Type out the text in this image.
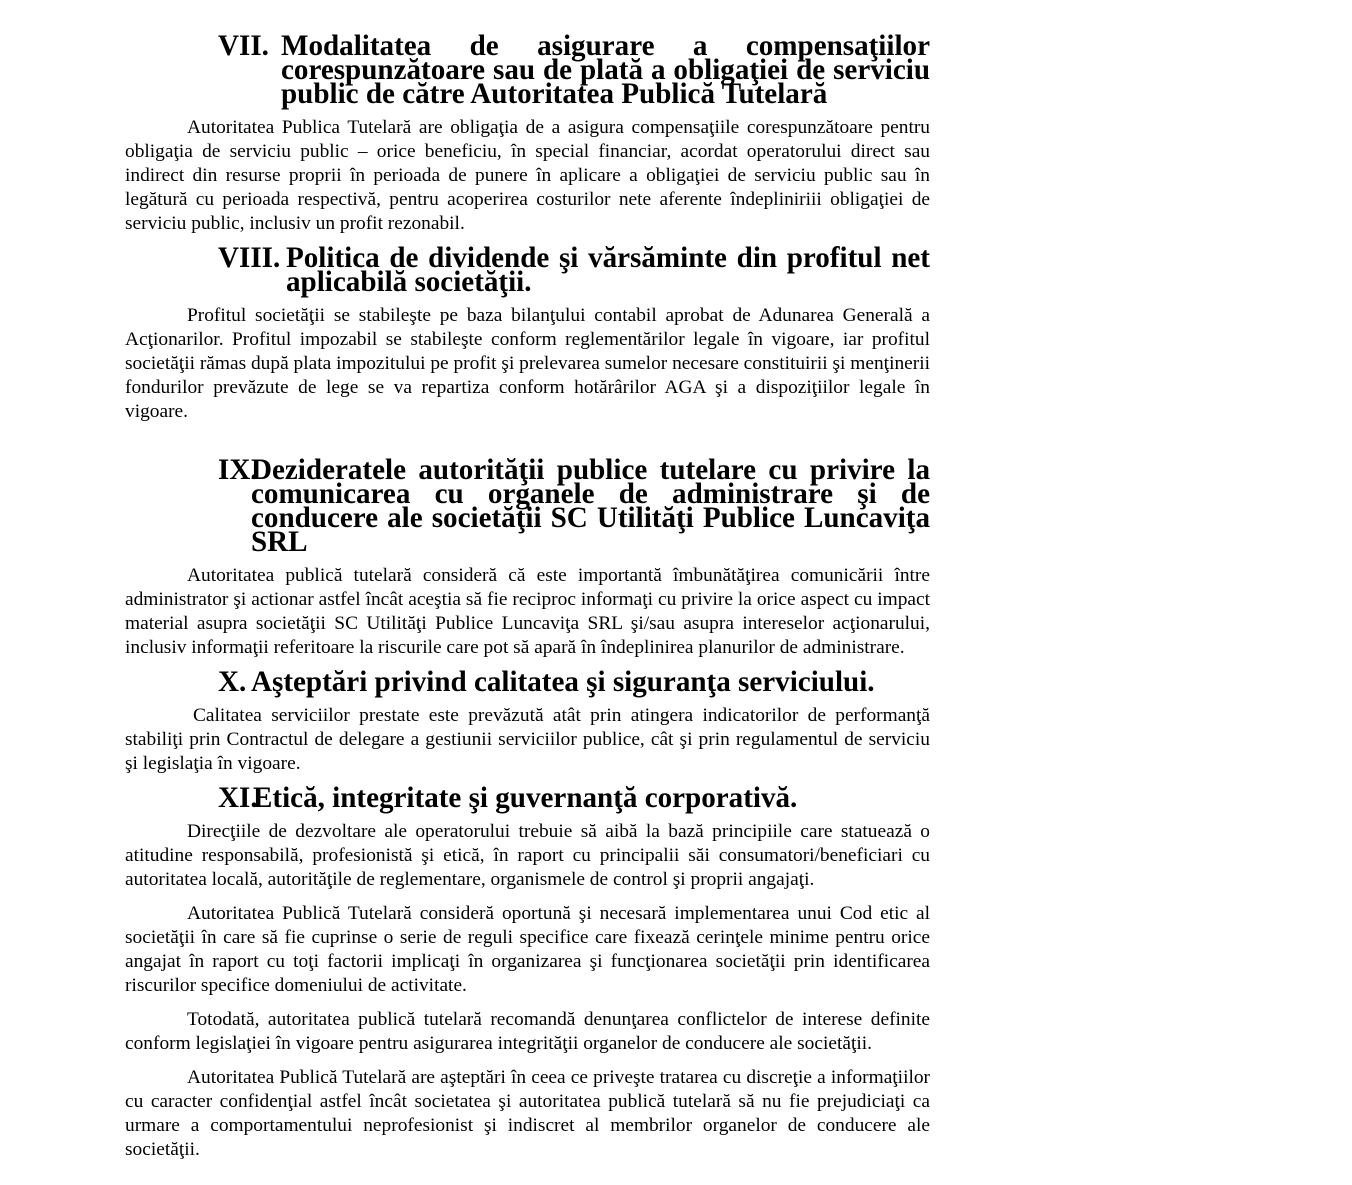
VII. Modalitatea de asigurare a compensaţiilor corespunzătoare sau de plată a obligaţiei de serviciu public de către Autoritatea Publică Tutelară

Autoritatea Publica Tutelară are obligaţia de a asigura compensaţiile corespunzătoare pentru obligaţia de serviciu public – orice beneficiu, în special financiar, acordat operatorului direct sau indirect din resurse proprii în perioada de punere în aplicare a obligaţiei de serviciu public sau în legătură cu perioada respectivă, pentru acoperirea costurilor nete aferente îndepliniriii obligaţiei de serviciu public, inclusiv un profit rezonabil.

VIII. Politica de dividende şi vărsăminte din profitul net aplicabilă societăţii.

Profitul societăţii se stabileşte pe baza bilanţului contabil aprobat de Adunarea Generală a Acţionarilor. Profitul impozabil se stabileşte conform reglementărilor legale în vigoare, iar profitul societăţii rămas după plata impozitului pe profit şi prelevarea sumelor necesare constituirii şi menţinerii fondurilor prevăzute de lege se va repartiza conform hotărârilor AGA şi a dispoziţiilor legale în vigoare.

IX.
Dezideratele autorităţii publice tutelare cu privire la comunicarea cu organele de administrare şi de conducere ale societăţii SC Utilităţi Publice Luncaviţa SRL

Autoritatea publică tutelară consideră că este importantă îmbunătăţirea comunicării între administrator şi actionar astfel încât aceştia să fie reciproc informaţi cu privire la orice aspect cu impact material asupra societăţii SC Utilităţi Publice Luncaviţa SRL şi/sau asupra intereselor acţionarului, inclusiv informaţii referitoare la riscurile care pot să apară în îndeplinirea planurilor de administrare.

X. Aşteptări privind calitatea şi siguranţa serviciului.

Calitatea serviciilor prestate este prevăzută atât prin atingera indicatorilor de performanţă stabiliţi prin Contractul de delegare a gestiunii serviciilor publice, cât şi prin regulamentul de serviciu şi legislaţia în vigoare.

XI.
Etică, integritate şi guvernanţă corporativă.

Direcţiile de dezvoltare ale operatorului trebuie să aibă la bază principiile care statuează o atitudine responsabilă, profesionistă şi etică, în raport cu principalii săi consumatori/beneficiari cu autoritatea locală, autorităţile de reglementare, organismele de control şi proprii angajaţi.

Autoritatea Publică Tutelară consideră oportună şi necesară implementarea unui Cod etic al societăţii în care să fie cuprinse o serie de reguli specifice care fixează cerinţele minime pentru orice angajat în raport cu toţi factorii implicaţi în organizarea şi funcţionarea societăţii prin identificarea riscurilor specifice domeniului de activitate.

Totodată, autoritatea publică tutelară recomandă denunţarea conflictelor de interese definite conform legislaţiei în vigoare pentru asigurarea integrităţii organelor de conducere ale societăţii.

Autoritatea Publică Tutelară are aşteptări în ceea ce priveşte tratarea cu discreţie a informaţiilor cu caracter confidenţial astfel încât societatea şi autoritatea publică tutelară să nu fie prejudiciaţi ca urmare a comportamentului neprofesionist şi indiscret al membrilor organelor de conducere ale societăţii.
